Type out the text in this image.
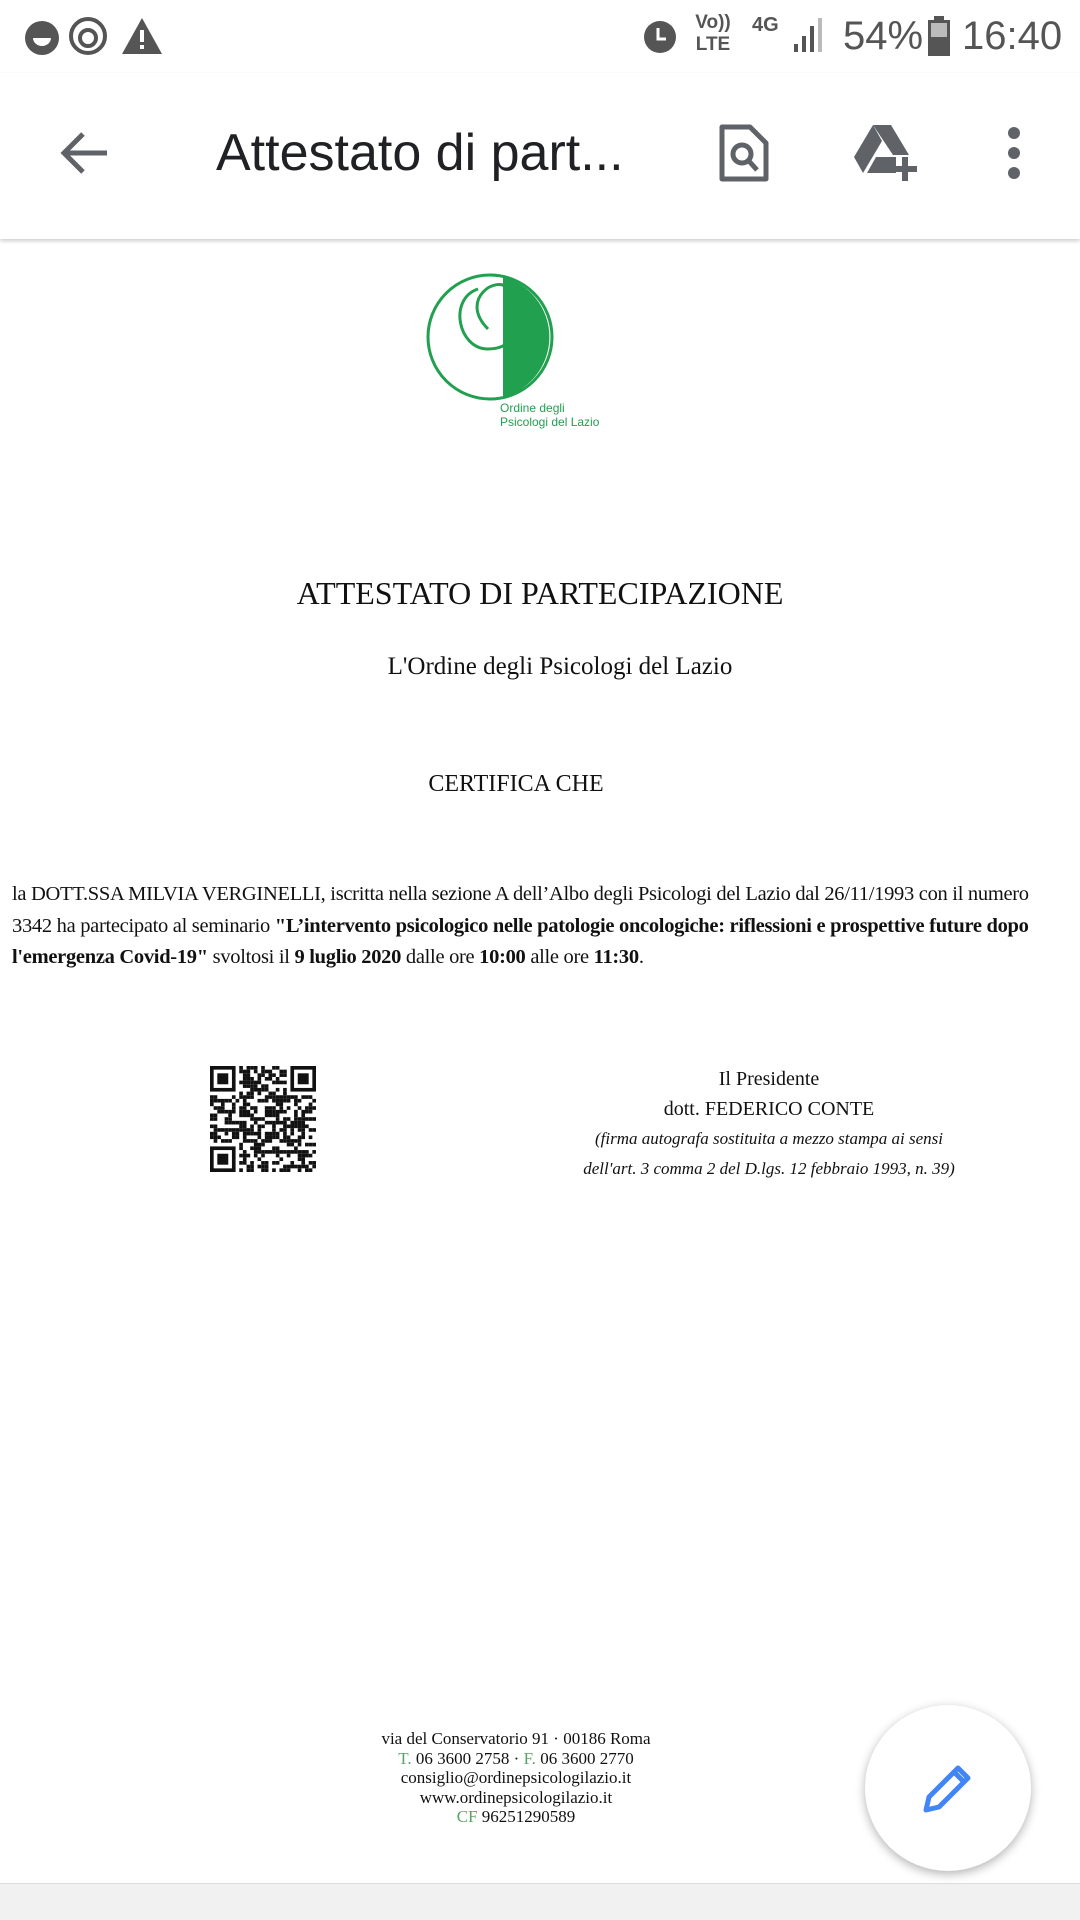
Vo)) LTE
4G 54% 16:40
Attestato di part...
Ordine degli
Psicologi del Lazio
ATTESTATO DI PARTECIPAZIONE
L'Ordine degli Psicologi del Lazio
CERTIFICA CHE

la DOTT.SSA MILVIA VERGINELLI, iscritta nella sezione A dell’Albo degli Psicologi del Lazio dal 26/11/1993 con il numero 3342 ha partecipato al seminario "L’intervento psicologico nelle patologie oncologiche: riflessioni e prospettive future dopo l'emergenza Covid-19" svoltosi il 9 luglio 2020 dalle ore 10:00 alle ore 11:30.

Il Presidente
dott. FEDERICO CONTE
(firma autografa sostituita a mezzo stampa ai sensi
dell'art. 3 comma 2 del D.lgs. 12 febbraio 1993, n. 39)
via del Conservatorio 91 · 00186 Roma
T. 06 3600 2758 · F. 06 3600 2770
consiglio@ordinepsicologilazio.it
www.ordinepsicologilazio.it
CF 96251290589
